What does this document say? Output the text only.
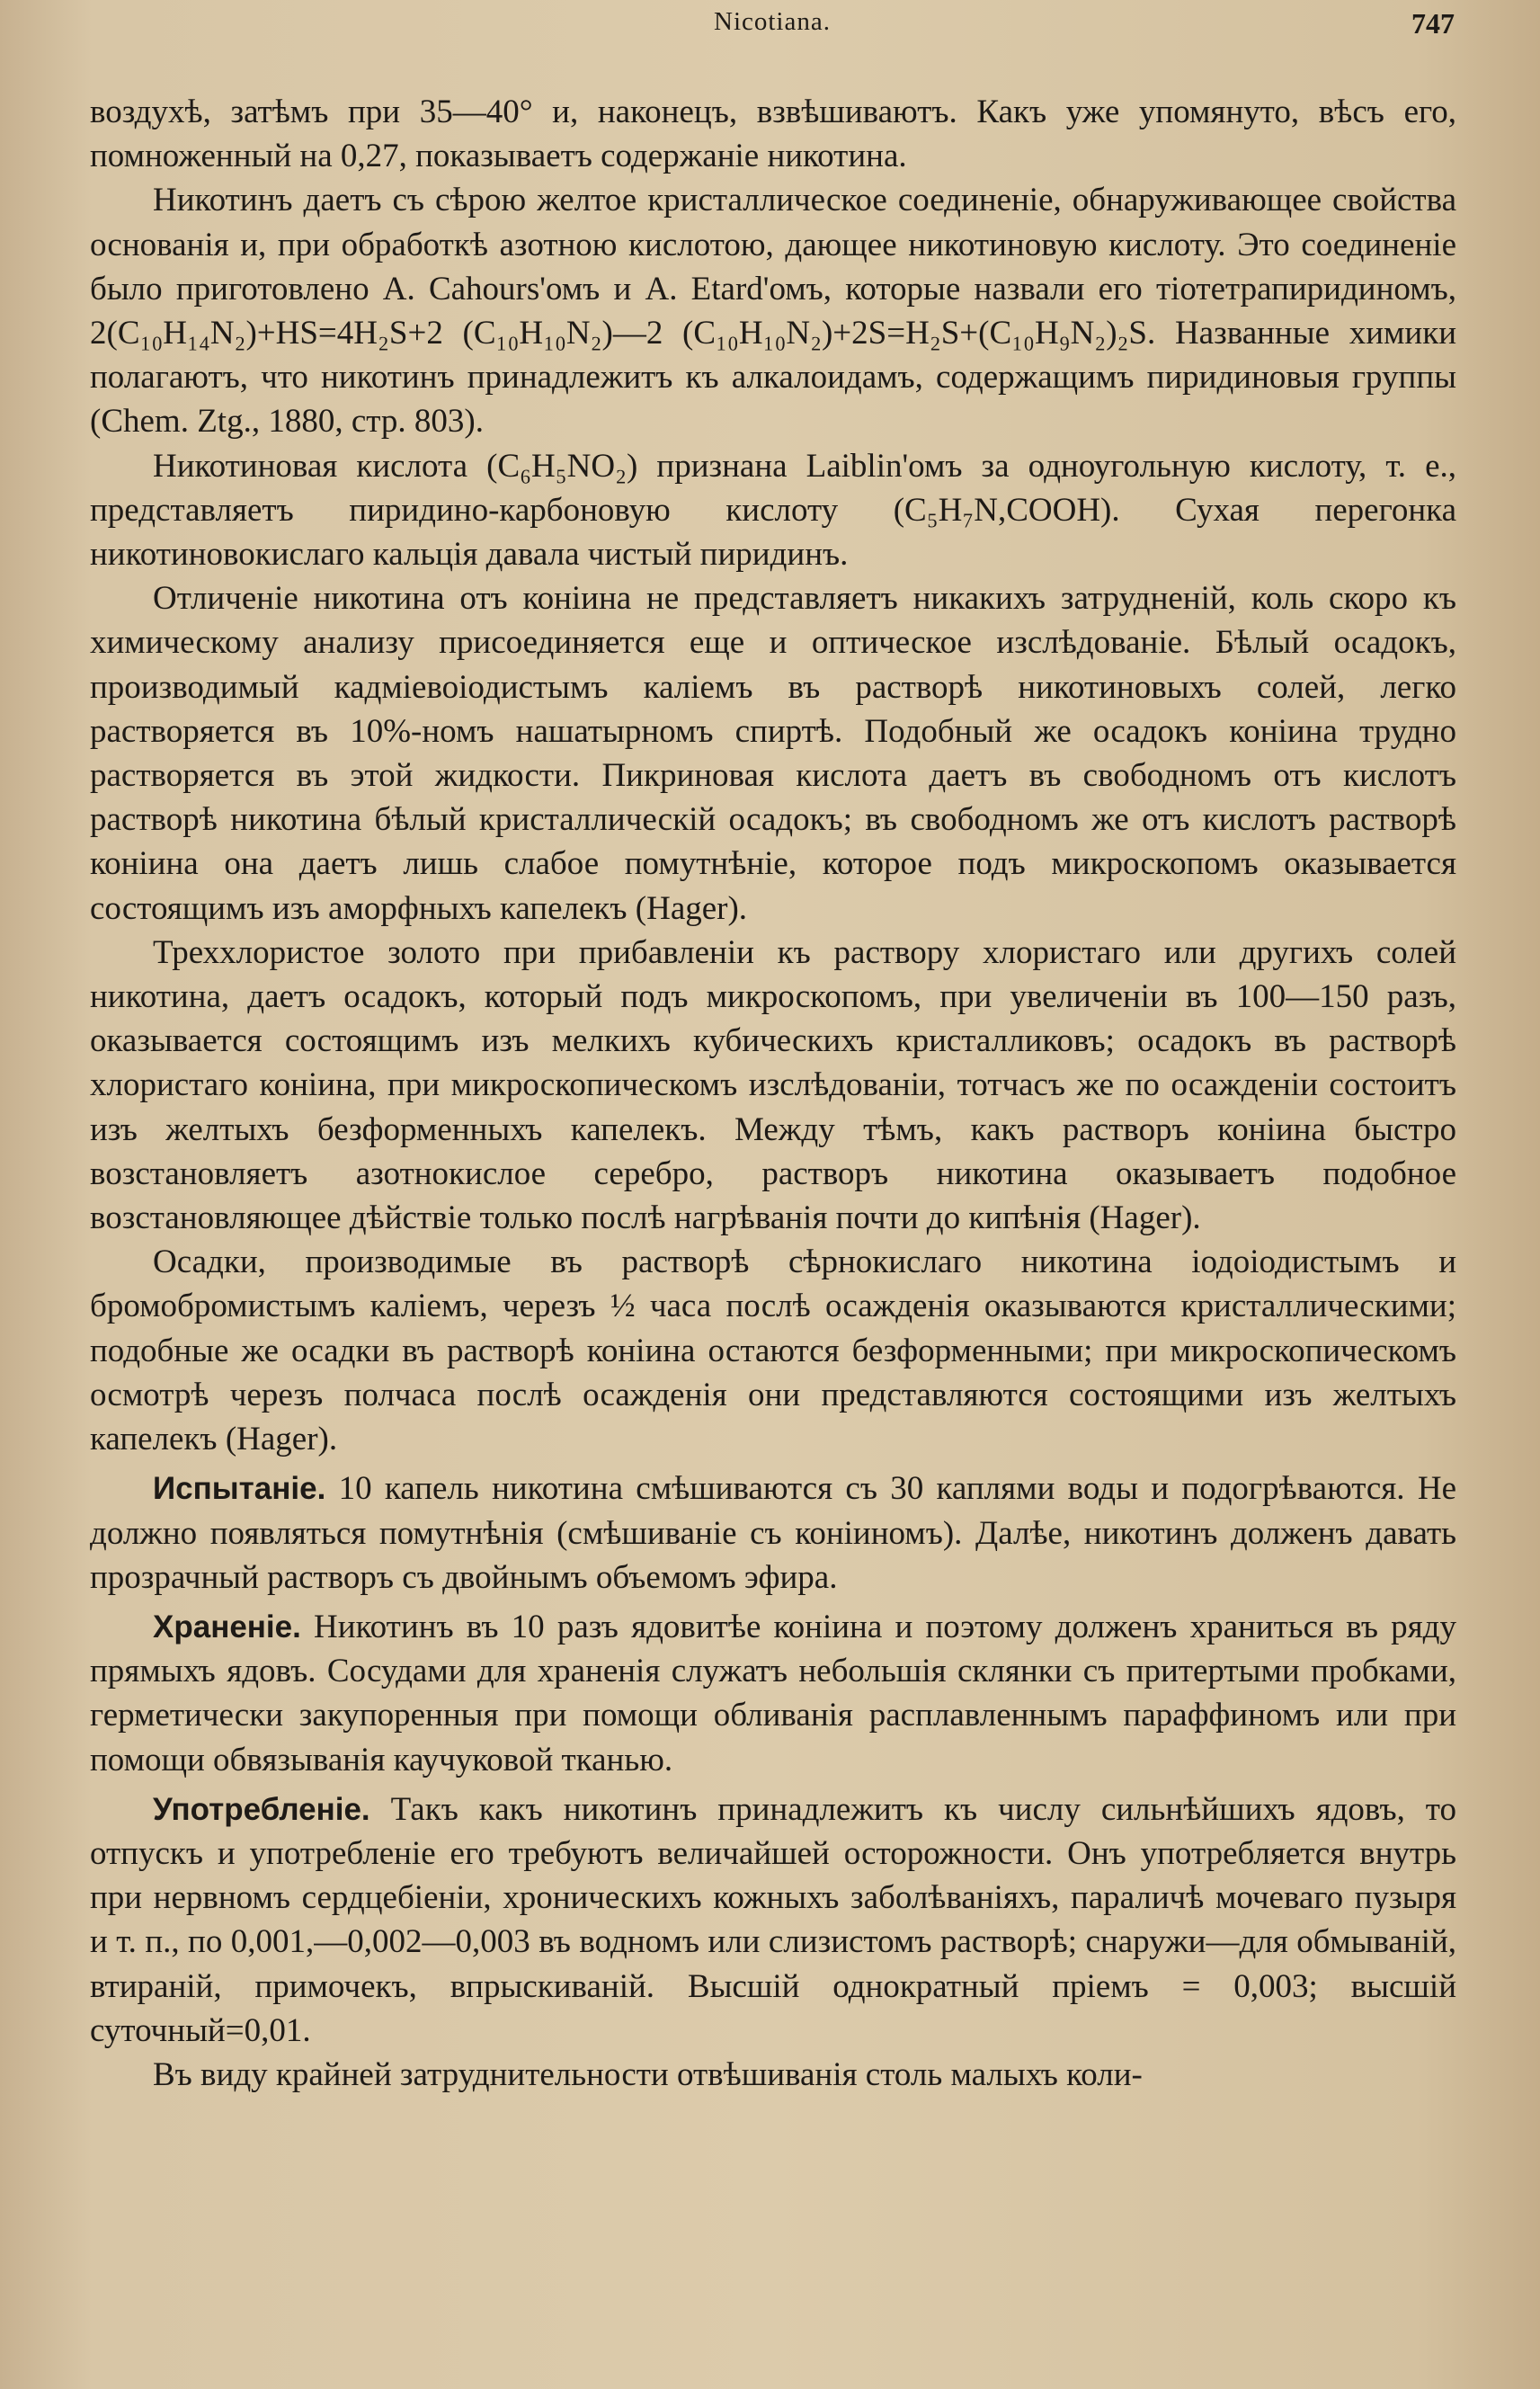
Nicotiana.	747

воздухѣ, затѣмъ при 35—40° и, наконецъ, взвѣшиваютъ. Какъ уже упомянуто, вѣсъ его, помноженный на 0,27, показываетъ содержаніе никотина.

Никотинъ даетъ съ сѣрою желтое кристаллическое соединеніе, обнаруживающее свойства основанія и, при обработкѣ азотною кислотою, дающее никотиновую кислоту. Это соединеніе было приготовлено A. Cahours'омъ и A. Etard'омъ, которые назвали его тіотетрапиридиномъ, 2(C₁₀H₁₄N₂)+HS=4H₂S+2 (C₁₀H₁₀N₂)—2 (C₁₀H₁₀N₂)+2S=H₂S+(C₁₀H₉N₂)₂S. Названные химики полагаютъ, что никотинъ принадлежитъ къ алкалоидамъ, содержащимъ пиридиновыя группы (Chem. Ztg., 1880, стр. 803).

Никотиновая кислота (C₆H₅NO₂) признана Laiblin'омъ за одноугольную кислоту, т. е., представляетъ пиридино-карбоновую кислоту (C₅H₇N,COOH). Сухая перегонка никотиновокислаго кальція давала чистый пиридинъ.

Отличеніе никотина отъ коніина не представляетъ никакихъ затрудненій, коль скоро къ химическому анализу присоединяется еще и оптическое изслѣдованіе. Бѣлый осадокъ, производимый кадміевоіодистымъ каліемъ въ растворѣ никотиновыхъ солей, легко растворяется въ 10%-номъ нашатырномъ спиртѣ. Подобный же осадокъ коніина трудно растворяется въ этой жидкости. Пикриновая кислота даетъ въ свободномъ отъ кислотъ растворѣ никотина бѣлый кристаллическій осадокъ; въ свободномъ же отъ кислотъ растворѣ коніина она даетъ лишь слабое помутнѣніе, которое подъ микроскопомъ оказывается состоящимъ изъ аморфныхъ капелекъ (Hager).

Треххлористое золото при прибавленіи къ раствору хлористаго или другихъ солей никотина, даетъ осадокъ, который подъ микроскопомъ, при увеличеніи въ 100—150 разъ, оказывается состоящимъ изъ мелкихъ кубическихъ кристалликовъ; осадокъ въ растворѣ хлористаго коніина, при микроскопическомъ изслѣдованіи, тотчасъ же по осажденіи состоитъ изъ желтыхъ безформенныхъ капелекъ. Между тѣмъ, какъ растворъ коніина быстро возстановляетъ азотнокислое серебро, растворъ никотина оказываетъ подобное возстановляющее дѣйствіе только послѣ нагрѣванія почти до кипѣнія (Hager).

Осадки, производимые въ растворѣ сѣрнокислаго никотина іодоіодистымъ и бромобромистымъ каліемъ, черезъ ½ часа послѣ осажденія оказываются кристаллическими; подобные же осадки въ растворѣ коніина остаются безформенными; при микроскопическомъ осмотрѣ черезъ полчаса послѣ осажденія они представляются состоящими изъ желтыхъ капелекъ (Hager).

Испытаніе. 10 капель никотина смѣшиваются съ 30 каплями воды и подогрѣваются. Не должно появляться помутнѣнія (смѣшиваніе съ коніиномъ). Далѣе, никотинъ долженъ давать прозрачный растворъ съ двойнымъ объемомъ эфира.

Храненіе. Никотинъ въ 10 разъ ядовитѣе коніина и поэтому долженъ храниться въ ряду прямыхъ ядовъ. Сосудами для храненія служатъ небольшія склянки съ притертыми пробками, герметически закупоренныя при помощи обливанія расплавленнымъ параффиномъ или при помощи обвязыванія каучуковой тканью.

Употребленіе. Такъ какъ никотинъ принадлежитъ къ числу сильнѣйшихъ ядовъ, то отпускъ и употребленіе его требуютъ величайшей осторожности. Онъ употребляется внутрь при нервномъ сердцебіеніи, хроническихъ кожныхъ заболѣваніяхъ, параличѣ мочеваго пузыря и т. п., по 0,001,—0,002—0,003 въ водномъ или слизистомъ растворѣ; снаружи—для обмываній, втираній, примочекъ, впрыскиваній. Высшій однократный пріемъ = 0,003; высшій суточный=0,01.

Въ виду крайней затруднительности отвѣшиванія столь малыхъ коли-
